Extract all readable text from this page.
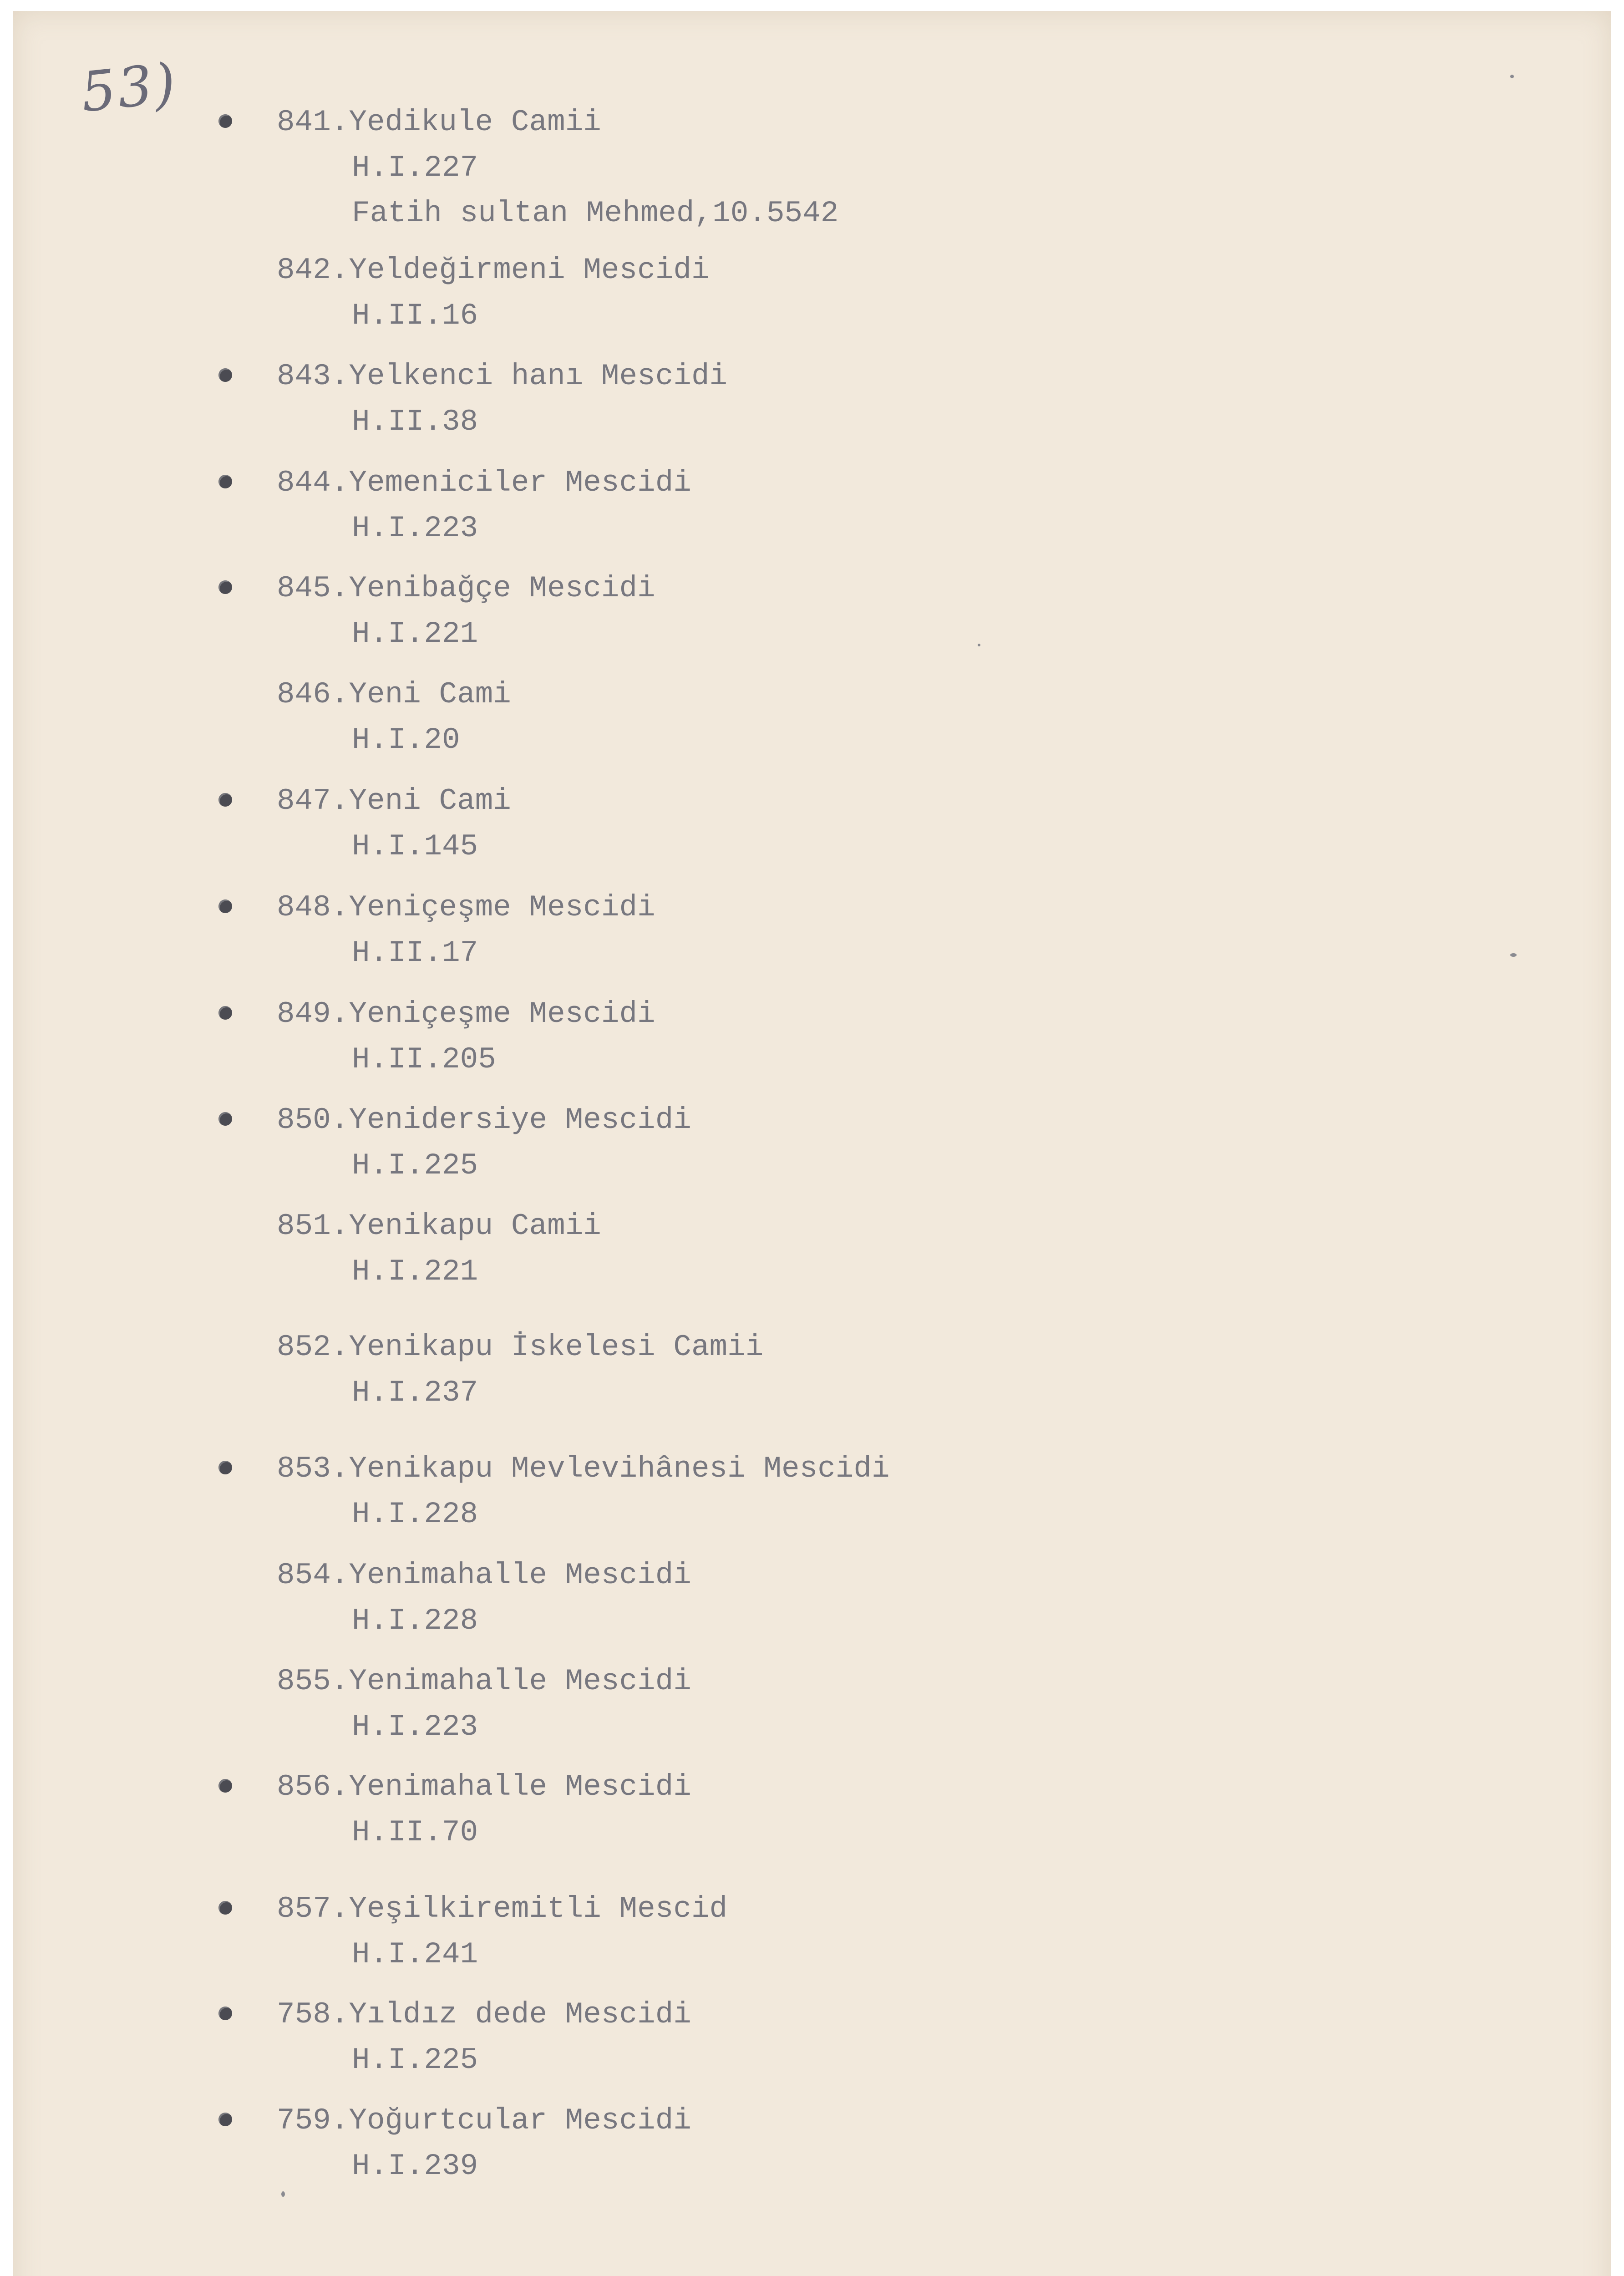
53)	841.Yedikule Camii
H.I.227
Fatih sultan Mehmed,10.5542
842.Yeldeğirmeni Mescidi
H.II.16
843.Yelkenci hanı Mescidi
H.II.38
844.Yemeniciler Mescidi
H.I.223
845.Yenibağçe Mescidi
H.I.221
846.Yeni Cami
H.I.20
847.Yeni Cami
H.I.145
848.Yeniçeşme Mescidi
H.II.17
849.Yeniçeşme Mescidi
H.II.205
850.Yenidersiye Mescidi
H.I.225
851.Yenikapu Camii
H.I.221
852.Yenikapu İskelesi Camii
H.I.237
853.Yenikapu Mevlevihânesi Mescidi
H.I.228
854.Yenimahalle Mescidi
H.I.228
855.Yenimahalle Mescidi
H.I.223
856.Yenimahalle Mescidi
H.II.70
857.Yeşilkiremitli Mescid
H.I.241
758.Yıldız dede Mescidi
H.I.225
759.Yoğurtcular Mescidi
H.I.239
